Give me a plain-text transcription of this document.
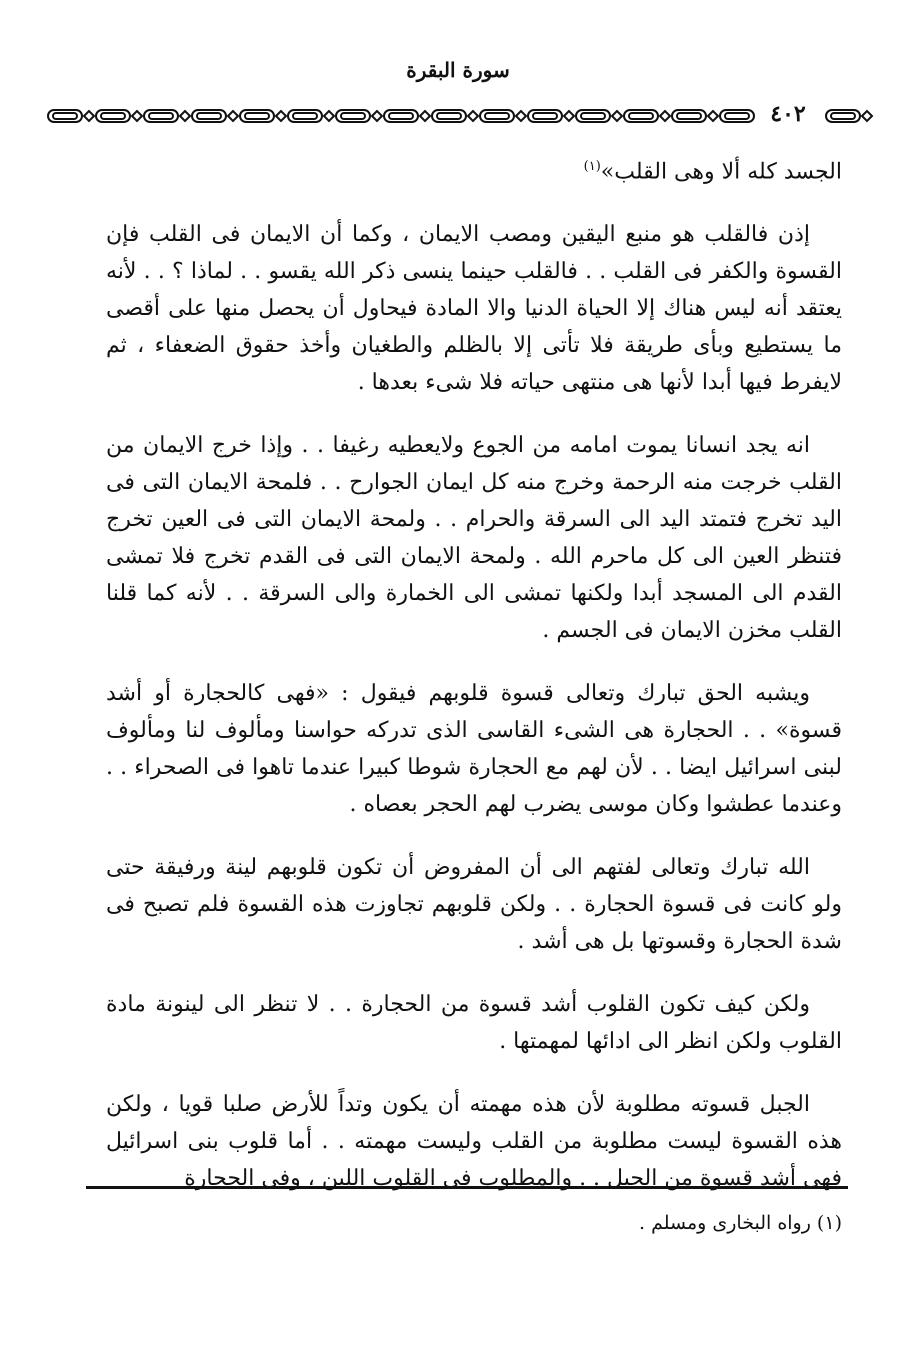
سورة البقرة
٤٠٢

الجسد كله ألا وهى القلب»$^{(١)}$

إذن فالقلب هو منبع اليقين ومصب الايمان ، وكما أن الايمان فى القلب فإن القسوة والكفر فى القلب . . فالقلب حينما ينسى ذكر الله يقسو . . لماذا ؟ . . لأنه يعتقد أنه ليس هناك إلا الحياة الدنيا والا المادة فيحاول أن يحصل منها على أقصى ما يستطيع وبأى طريقة فلا تأتى إلا بالظلم والطغيان وأخذ حقوق الضعفاء ، ثم لايفرط فيها أبدا لأنها هى منتهى حياته فلا شىء بعدها .

انه يجد انسانا يموت امامه من الجوع ولايعطيه رغيفا . . وإذا خرج الايمان من القلب خرجت منه الرحمة وخرج منه كل ايمان الجوارح . . فلمحة الايمان التى فى اليد تخرج فتمتد اليد الى السرقة والحرام . . ولمحة الايمان التى فى العين تخرج فتنظر العين الى كل ماحرم الله . ولمحة الايمان التى فى القدم تخرج فلا تمشى القدم الى المسجد أبدا ولكنها تمشى الى الخمارة والى السرقة . . لأنه كما قلنا القلب مخزن الايمان فى الجسم .

ويشبه الحق تبارك وتعالى قسوة قلوبهم فيقول : «فهى كالحجارة أو أشد قسوة» . . الحجارة هى الشىء القاسى الذى تدركه حواسنا ومألوف لنا ومألوف لبنى اسرائيل ايضا . . لأن لهم مع الحجارة شوطا كبيرا عندما تاهوا فى الصحراء . . وعندما عطشوا وكان موسى يضرب لهم الحجر بعصاه .

الله تبارك وتعالى لفتهم الى أن المفروض أن تكون قلوبهم لينة ورفيقة حتى ولو كانت فى قسوة الحجارة . . ولكن قلوبهم تجاوزت هذه القسوة فلم تصبح فى شدة الحجارة وقسوتها بل هى أشد .

ولكن كيف تكون القلوب أشد قسوة من الحجارة . . لا تنظر الى لينونة مادة القلوب ولكن انظر الى ادائها لمهمتها .

الجبل قسوته مطلوبة لأن هذه مهمته أن يكون وتداً للأرض صلبا قويا ، ولكن هذه القسوة ليست مطلوبة من القلب وليست مهمته . . أما قلوب بنى اسرائيل فهى أشد قسوة من الجبل . . والمطلوب فى القلوب اللين ، وفى الحجارة

(١) رواه البخارى ومسلم .
